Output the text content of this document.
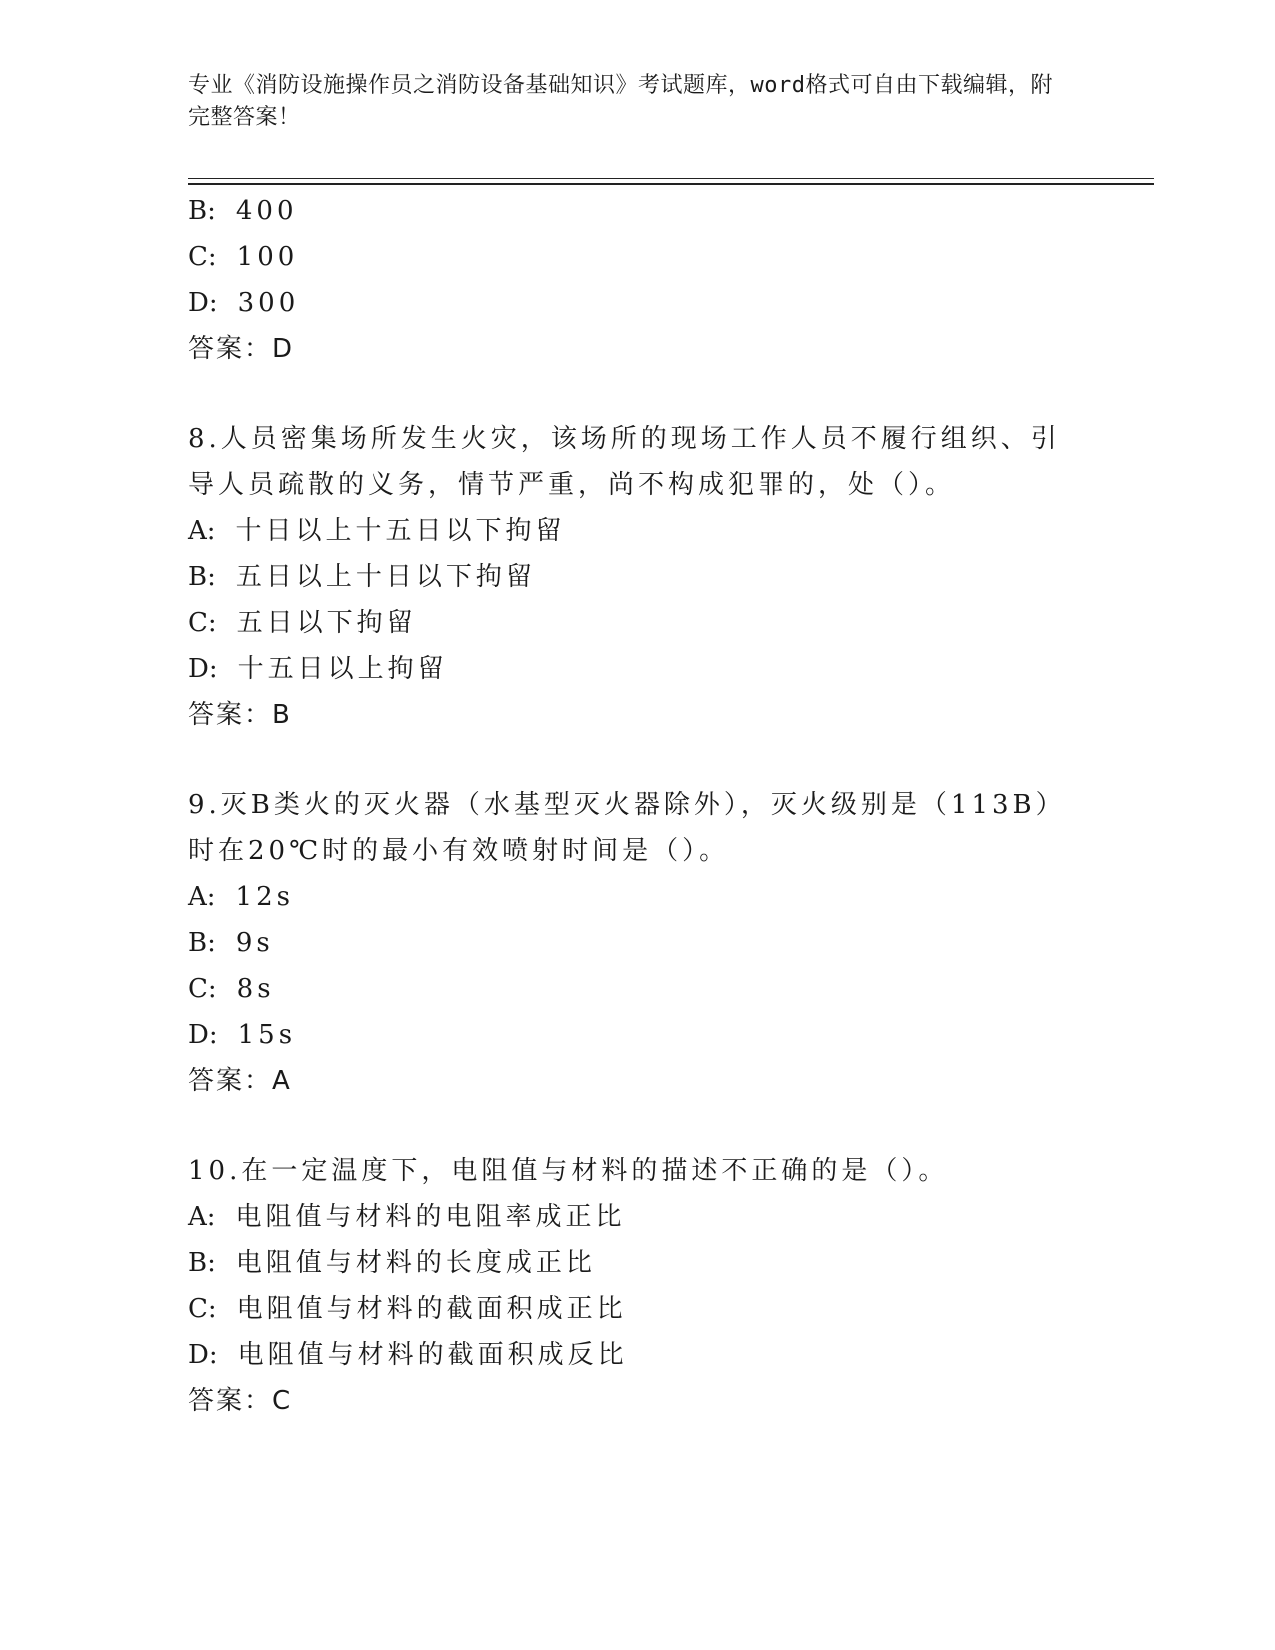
专业《消防设施操作员之消防设备基础知识》考试题库，word格式可自由下载编辑，附完整答案！
B: 400
C: 100
D: 300
答案：D
8.人员密集场所发生火灾，该场所的现场工作人员不履行组织、引导人员疏散的义务，情节严重，尚不构成犯罪的，处（）。
A: 十日以上十五日以下拘留
B: 五日以上十日以下拘留
C: 五日以下拘留
D: 十五日以上拘留
答案：B
9.灭B类火的灭火器（水基型灭火器除外），灭火级别是（113B）时在20℃时的最小有效喷射时间是（）。
A: 12s
B: 9s
C: 8s
D: 15s
答案：A
10.在一定温度下，电阻值与材料的描述不正确的是（）。
A: 电阻值与材料的电阻率成正比
B: 电阻值与材料的长度成正比
C: 电阻值与材料的截面积成正比
D: 电阻值与材料的截面积成反比
答案：C
